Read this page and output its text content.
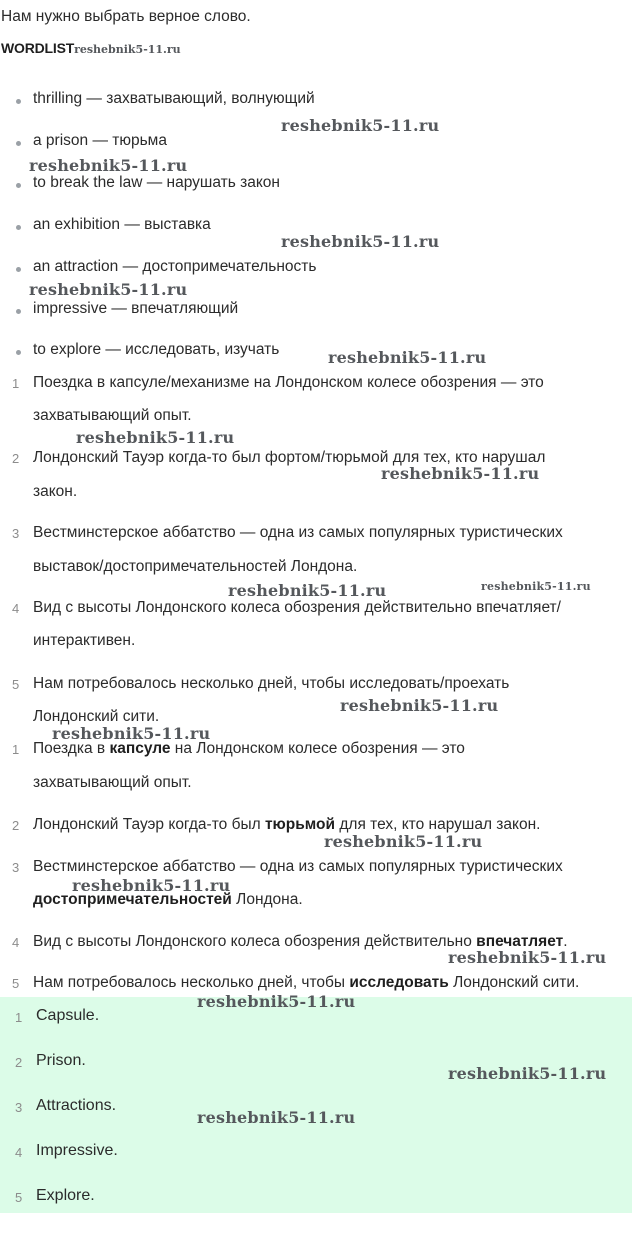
Нам нужно выбрать верное слово.
WORDLISTreshebnik5-11.ru
thrilling — захватывающий, волнующий
a prison — тюрьма
to break the law — нарушать закон
an exhibition — выставка
an attraction — достопримечательность
impressive — впечатляющий
to explore — исследовать, изучать
1 Поездка в капсуле/механизме на Лондонском колесе обозрения — это
захватывающий опыт.
2 Лондонский Тауэр когда-то был фортом/тюрьмой для тех, кто нарушал
закон.
3 Вестминстерское аббатство — одна из самых популярных туристических
выставок/достопримечательностей Лондона.
4 Вид с высоты Лондонского колеса обозрения действительно впечатляет/
интерактивен.
5 Нам потребовалось несколько дней, чтобы исследовать/проехать
Лондонский сити.
1 Поездка в капсуле на Лондонском колесе обозрения — это
захватывающий опыт.
2 Лондонский Тауэр когда-то был тюрьмой для тех, кто нарушал закон.
3 Вестминстерское аббатство — одна из самых популярных туристических
достопримечательностей Лондона.
4 Вид с высоты Лондонского колеса обозрения действительно впечатляет.
5 Нам потребовалось несколько дней, чтобы исследовать Лондонский сити.
1 Capsule.
2 Prison.
3 Attractions.
4 Impressive.
5 Explore.
reshebnik5-11.ru
reshebnik5-11.ru
reshebnik5-11.ru
reshebnik5-11.ru
reshebnik5-11.ru
reshebnik5-11.ru
reshebnik5-11.ru
reshebnik5-11.ru	reshebnik5-11.ru
reshebnik5-11.ru
reshebnik5-11.ru
reshebnik5-11.ru
reshebnik5-11.ru
reshebnik5-11.ru
reshebnik5-11.ru
reshebnik5-11.ru
reshebnik5-11.ru
